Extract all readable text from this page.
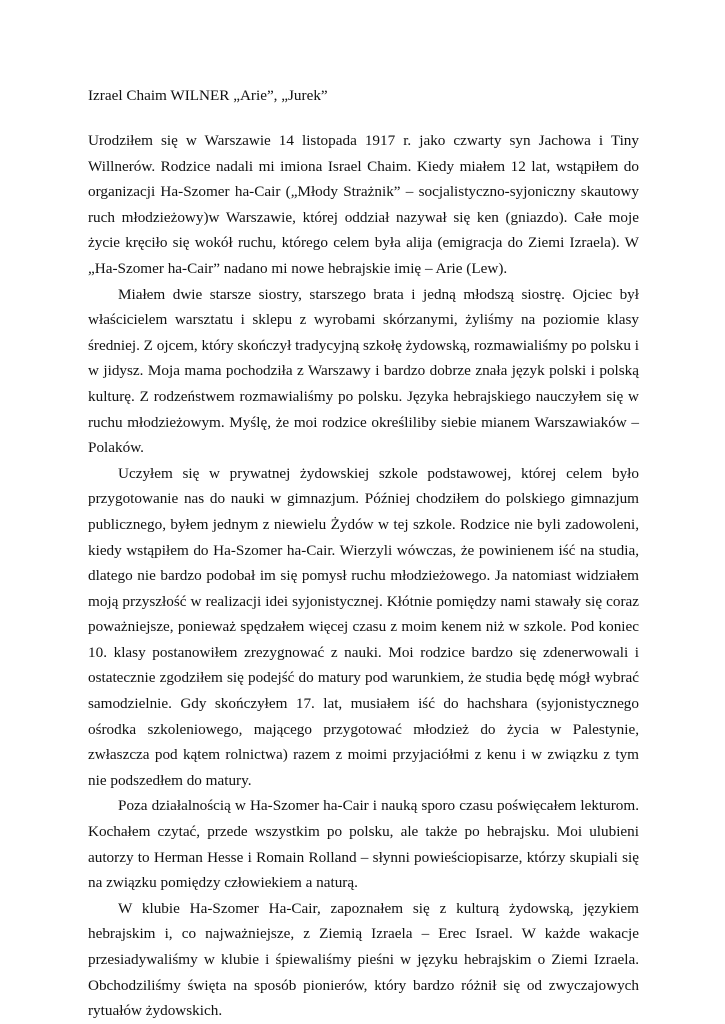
Izrael Chaim WILNER „Arie”, „Jurek”

Urodziłem się w Warszawie 14 listopada 1917 r. jako czwarty syn Jachowa i Tiny Willnerów. Rodzice nadali mi imiona Israel Chaim. Kiedy miałem 12 lat, wstąpiłem do organizacji Ha-Szomer ha-Cair („Młody Strażnik” – socjalistyczno-syjoniczny skautowy ruch młodzieżowy)w Warszawie, której oddział nazywał się ken (gniazdo). Całe moje życie kręciło się wokół ruchu, którego celem była alija (emigracja do Ziemi Izraela). W „Ha-Szomer ha-Cair” nadano mi nowe hebrajskie imię – Arie (Lew).

Miałem dwie starsze siostry, starszego brata i jedną młodszą siostrę. Ojciec był właścicielem warsztatu i sklepu z wyrobami skórzanymi, żyliśmy na poziomie klasy średniej. Z ojcem, który skończył tradycyjną szkołę żydowską, rozmawialiśmy po polsku i w jidysz. Moja mama pochodziła z Warszawy i bardzo dobrze znała język polski i polską kulturę. Z rodzeństwem rozmawialiśmy po polsku. Języka hebrajskiego nauczyłem się w ruchu młodzieżowym. Myślę, że moi rodzice określiliby siebie mianem Warszawiaków – Polaków.

Uczyłem się w prywatnej żydowskiej szkole podstawowej, której celem było przygotowanie nas do nauki w gimnazjum. Później chodziłem do polskiego gimnazjum publicznego, byłem jednym z niewielu Żydów w tej szkole. Rodzice nie byli zadowoleni, kiedy wstąpiłem do Ha-Szomer ha-Cair. Wierzyli wówczas, że powinienem iść na studia, dlatego nie bardzo podobał im się pomysł ruchu młodzieżowego. Ja natomiast widziałem moją przyszłość w realizacji idei syjonistycznej. Kłótnie pomiędzy nami stawały się coraz poważniejsze, ponieważ spędzałem więcej czasu z moim kenem niż w szkole. Pod koniec 10. klasy postanowiłem zrezygnować z nauki. Moi rodzice bardzo się zdenerwowali i ostatecznie zgodziłem się podejść do matury pod warunkiem, że studia będę mógł wybrać samodzielnie. Gdy skończyłem 17. lat, musiałem iść do hachshara (syjonistycznego ośrodka szkoleniowego, mającego przygotować młodzież do życia w Palestynie, zwłaszcza pod kątem rolnictwa) razem z moimi przyjaciółmi z kenu i w związku z tym nie podszedłem do matury.

Poza działalnością w Ha-Szomer ha-Cair i nauką sporo czasu poświęcałem lekturom. Kochałem czytać, przede wszystkim po polsku, ale także po hebrajsku. Moi ulubieni autorzy to Herman Hesse i Romain Rolland – słynni powieściopisarze, którzy skupiali się na związku pomiędzy człowiekiem a naturą.

W klubie Ha-Szomer Ha-Cair, zapoznałem się z kulturą żydowską, językiem hebrajskim i, co najważniejsze, z Ziemią Izraela – Erec Israel. W każde wakacje przesiadywaliśmy w klubie i śpiewaliśmy pieśni w języku hebrajskim o Ziemi Izraela. Obchodziliśmy święta na sposób pionierów, który bardzo różnił się od zwyczajowych rytuałów żydowskich.
